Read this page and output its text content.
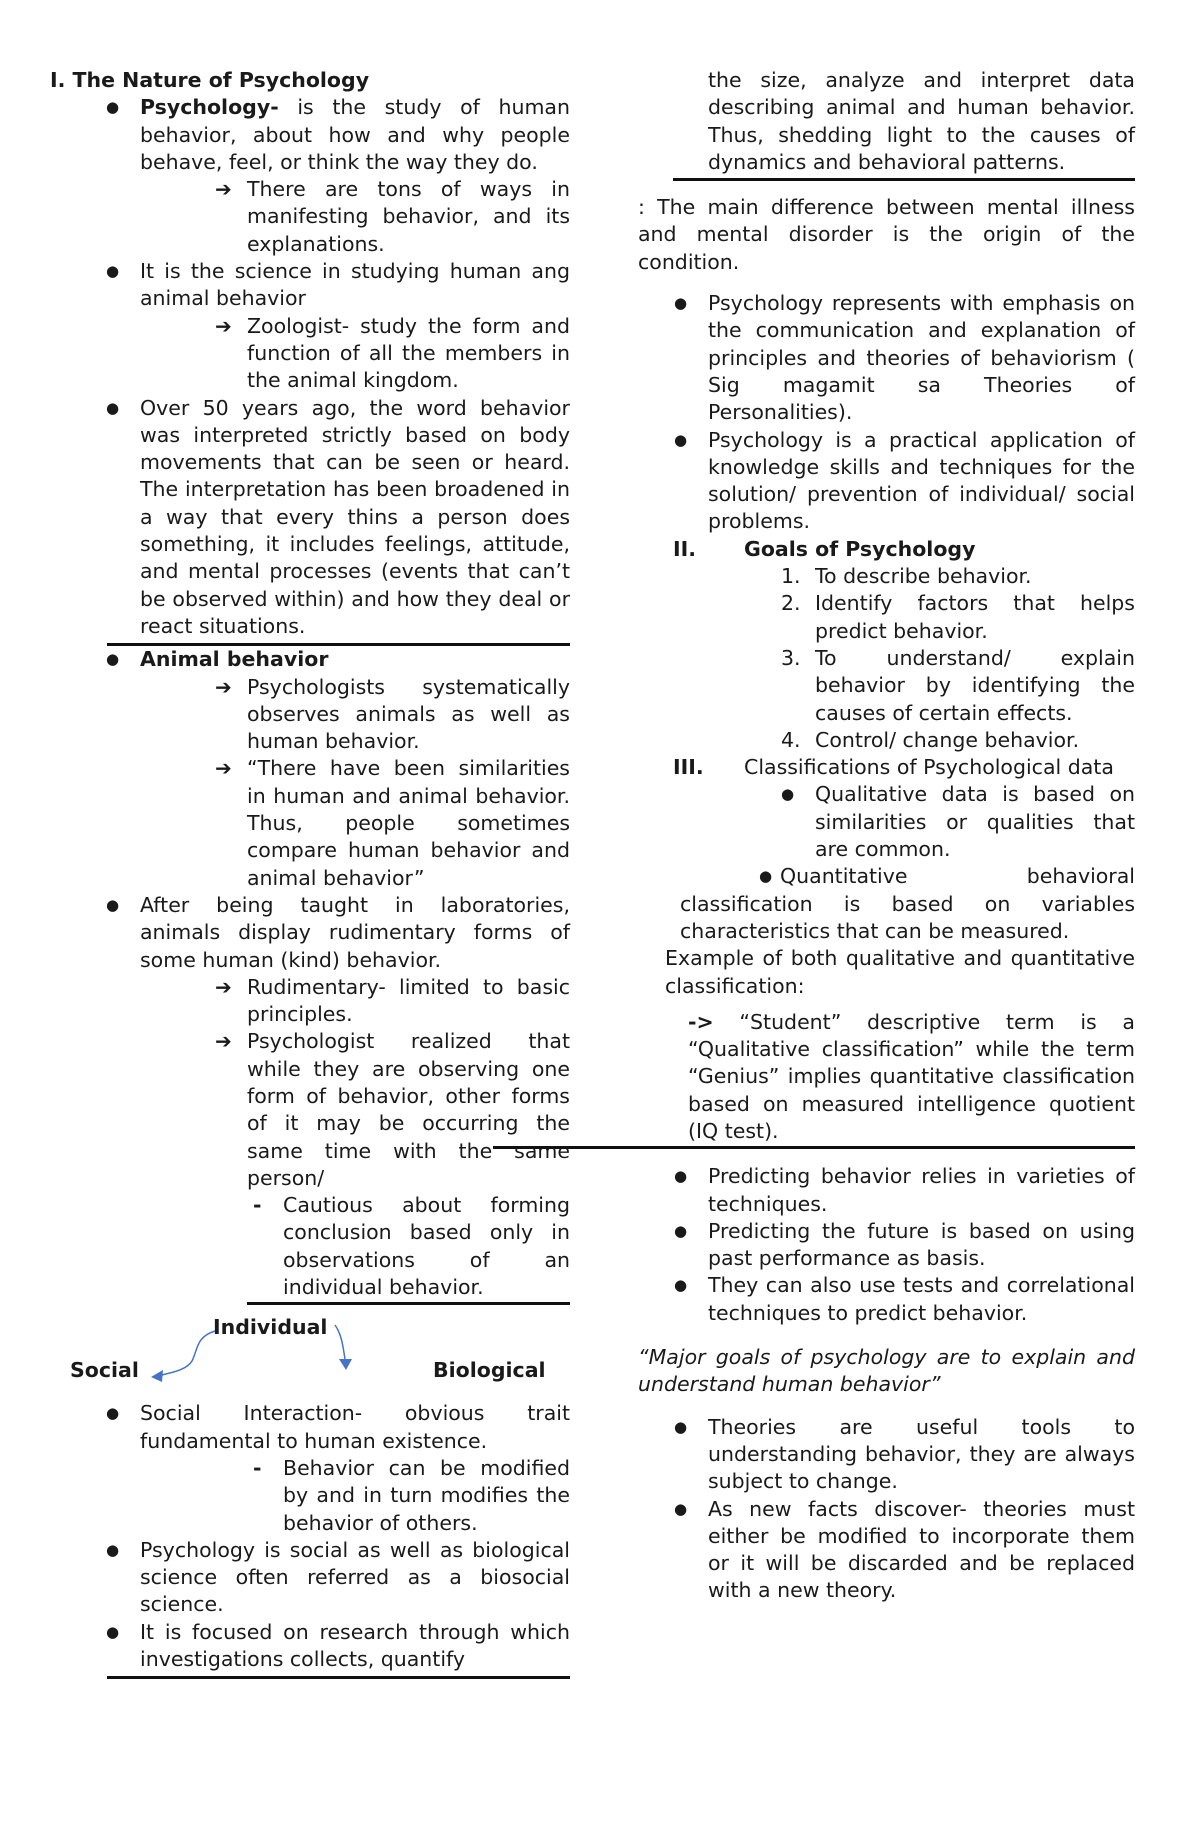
I. The Nature of Psychology

● Psychology- is the study of human behavior, about how and why people behave, feel, or think the way they do.

➔ There are tons of ways in manifesting behavior, and its explanations.

● It is the science in studying human ang animal behavior

➔ Zoologist- study the form and function of all the members in the animal kingdom.

● Over 50 years ago, the word behavior was interpreted strictly based on body movements that can be seen or heard. The interpretation has been broadened in a way that every thins a person does something, it includes feelings, attitude, and mental processes (events that can’t be observed within) and how they deal or react situations.

● Animal behavior

➔ Psychologists systematically observes animals as well as human behavior.

➔ “There have been similarities in human and animal behavior. Thus, people sometimes compare human behavior and animal behavior”

● After being taught in laboratories, animals display rudimentary forms of some human (kind) behavior.

➔ Rudimentary- limited to basic principles.

➔ Psychologist realized that while they are observing one form of behavior, other forms of it may be occurring the same time with the same person/

- Cautious about forming conclusion based only in observations of an individual behavior.

Individual
Social	Biological
● Social Interaction- obvious trait fundamental to human existence.

- Behavior can be modified by and in turn modifies the behavior of others.

● Psychology is social as well as biological science often referred as a biosocial science.

● It is focused on research through which investigations collects, quantify

the size, analyze and interpret data describing animal and human behavior. Thus, shedding light to the causes of dynamics and behavioral patterns.

: The main difference between mental illness and mental disorder is the origin of the condition.

● Psychology represents with emphasis on the communication and explanation of principles and theories of behaviorism ( Sig magamit sa Theories of Personalities).

● Psychology is a practical application of knowledge skills and techniques for the solution/ prevention of individual/ social problems.

II. Goals of Psychology

1. To describe behavior.

2. Identify factors that helps predict behavior.

3. To understand/ explain behavior by identifying the causes of certain effects.

4. Control/ change behavior.

III. Classifications of Psychological data

● Qualitative data is based on similarities or qualities that are common.

● Quantitative behavioral classification is based on variables characteristics that can be measured.

Example of both qualitative and quantitative classification:

-> “Student” descriptive term is a “Qualitative classification” while the term “Genius” implies quantitative classification based on measured intelligence quotient (IQ test).

● Predicting behavior relies in varieties of techniques.

● Predicting the future is based on using past performance as basis.

● They can also use tests and correlational techniques to predict behavior.

“Major goals of psychology are to explain and understand human behavior”

● Theories are useful tools to understanding behavior, they are always subject to change.

● As new facts discover- theories must either be modified to incorporate them or it will be discarded and be replaced with a new theory.
